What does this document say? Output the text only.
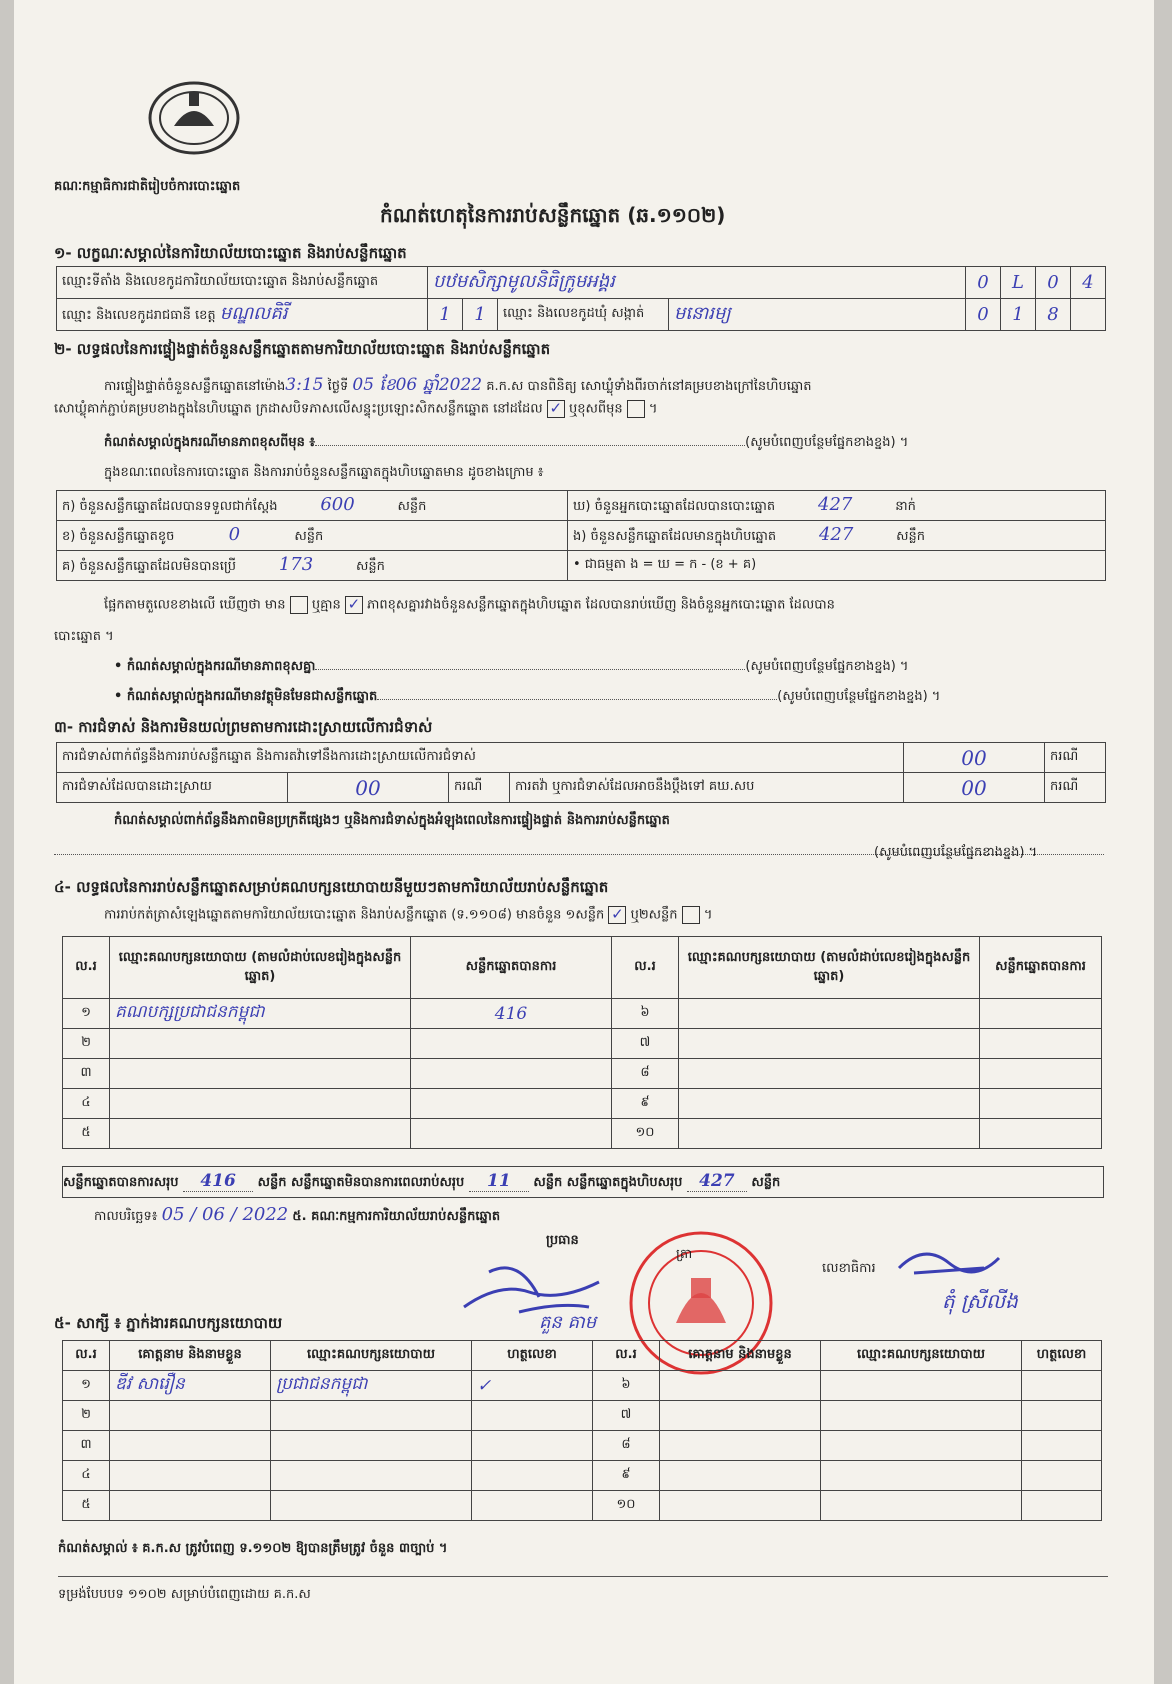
គណៈកម្មាធិការជាតិរៀបចំការបោះឆ្នោត
កំណត់ហេតុនៃការរាប់សន្លឹកឆ្នោត (ឆ.១១០២)
១- លក្ខណៈសម្គាល់នៃការិយាល័យបោះឆ្នោត និងរាប់សន្លឹកឆ្នោត
ឈ្មោះទីតាំង និងលេខកូដការិយាល័យបោះឆ្នោត និងរាប់សន្លឹកឆ្នោត	បឋមសិក្សាមូលនិធិក្រូមអង្គរ				0	L	0	4
ឈ្មោះ និងលេខកូដរាជធានី ខេត្ត មណ្ឌលគិរី	1	1	ឈ្មោះ និងលេខកូដឃុំ សង្កាត់	មនោរម្យ	0	1	8	
២- លទ្ធផលនៃការផ្ទៀងផ្ទាត់ចំនួនសន្លឹកឆ្នោតតាមការិយាល័យបោះឆ្នោត និងរាប់សន្លឹកឆ្នោត
ការផ្ទៀងផ្ទាត់ចំនួនសន្លឹកឆ្នោតនៅម៉ោង3:15 ថ្ងៃទី 05 ខែ06 ឆ្នាំ2022 គ.ក.ស បានពិនិត្យ សោឃ្លុំទាំងពីរចាក់នៅគម្របខាងក្រៅនៃហិបឆ្នោត
សោឃ្លុំគាក់ភ្ជាប់គម្របខាងក្នុងនៃហិបឆ្នោត ក្រដាសបិទភាសលើសន្ទុះប្រឡោះសិកសន្លឹកឆ្នោត នៅដដែល ✓ ឬខុសពីមុន  ។
កំណត់សម្គាល់ក្នុងករណីមានភាពខុសពីមុន ៖	(សូមបំពេញបន្ថែមផ្នែកខាងខ្នង) ។
ក្នុងខណៈពេលនៃការបោះឆ្នោត និងការរាប់ចំនួនសន្លឹកឆ្នោតក្នុងហិបឆ្នោតមាន ដូចខាងក្រោម ៖
ក) ចំនួនសន្លឹកឆ្នោតដែលបានទទួលជាក់ស្តែង 600 សន្លឹក	ឃ) ចំនួនអ្នកបោះឆ្នោតដែលបានបោះឆ្នោត 427 នាក់
ខ) ចំនួនសន្លឹកឆ្នោតខូច 0 សន្លឹក	ង) ចំនួនសន្លឹកឆ្នោតដែលមានក្នុងហិបឆ្នោត 427 សន្លឹក
គ) ចំនួនសន្លឹកឆ្នោតដែលមិនបានប្រើ 173 សន្លឹក	• ជាធម្មតា ង = ឃ = ក - (ខ + គ)
ផ្អែកតាមតួលេខខាងលើ ឃើញថា មាន ឬគ្មាន ✓ ភាពខុសគ្នារវាងចំនួនសន្លឹកឆ្នោតក្នុងហិបឆ្នោត ដែលបានរាប់ឃើញ និងចំនួនអ្នកបោះឆ្នោត ដែលបាន
បោះឆ្នោត ។
• កំណត់សម្គាល់ក្នុងករណីមានភាពខុសគ្នា	(សូមបំពេញបន្ថែមផ្នែកខាងខ្នង) ។
• កំណត់សម្គាល់ក្នុងករណីមានវត្ថុមិនមែនជាសន្លឹកឆ្នោត	(សូមបំពេញបន្ថែមផ្នែកខាងខ្នង) ។
៣- ការជំទាស់ និងការមិនយល់ព្រមតាមការដោះស្រាយលើការជំទាស់
ការជំទាស់ពាក់ព័ន្ធនឹងការរាប់សន្លឹកឆ្នោត និងការតវ៉ាទៅនឹងការដោះស្រាយលើការជំទាស់				00	ករណី
ការជំទាស់ដែលបានដោះស្រាយ	00	ករណី	ការតវ៉ា ឬការជំទាស់ដែលអាចនឹងប្តឹងទៅ គឃ.សប	00	ករណី
កំណត់សម្គាល់ពាក់ព័ន្ធនឹងភាពមិនប្រក្រតីផ្សេងៗ ឬនិងការជំទាស់ក្នុងអំឡុងពេលនៃការផ្ទៀងផ្ទាត់ និងការរាប់សន្លឹកឆ្នោត
(សូមបំពេញបន្ថែមផ្នែកខាងខ្នង) ។
៤- លទ្ធផលនៃការរាប់សន្លឹកឆ្នោតសម្រាប់គណបក្សនយោបាយនីមួយៗតាមការិយាល័យរាប់សន្លឹកឆ្នោត
ការរាប់កត់ត្រាសំឡេងឆ្នោតតាមការិយាល័យបោះឆ្នោត និងរាប់សន្លឹកឆ្នោត (ទ.១១០៨) មានចំនួន ១សន្លឹក ✓ ឬ២សន្លឹក  ។
ល.រ	ឈ្មោះគណបក្សនយោបាយ (តាមលំដាប់លេខរៀងក្នុងសន្លឹកឆ្នោត)	សន្លឹកឆ្នោតបានការ	ល.រ	ឈ្មោះគណបក្សនយោបាយ (តាមលំដាប់លេខរៀងក្នុងសន្លឹកឆ្នោត)	សន្លឹកឆ្នោតបានការ
១	គណបក្សប្រជាជនកម្ពុជា	416	៦		
២			៧		
៣			៨		
៤			៩		
៥			១០		
សន្លឹកឆ្នោតបានការសរុប 416 សន្លឹក សន្លឹកឆ្នោតមិនបានការពេលរាប់សរុប 11 សន្លឹក សន្លឹកឆ្នោតក្នុងហិបសរុប 427 សន្លឹក
កាលបរិច្ឆេទ៖ 05 / 06 / 2022 ៥. គណៈកម្មការការិយាល័យរាប់សន្លឹកឆ្នោត
ប្រធាន
គួន គាម
ត្រា
លេខាធិការ
តុំ ស្រីលីង
៥- សាក្សី ៖ ភ្នាក់ងារគណបក្សនយោបាយ
ល.រ	គោត្តនាម និងនាមខ្លួន	ឈ្មោះគណបក្សនយោបាយ	ហត្ថលេខា	ល.រ	គោត្តនាម និងនាមខ្លួន	ឈ្មោះគណបក្សនយោបាយ	ហត្ថលេខា
១	ឌីវ សារឿន	ប្រជាជនកម្ពុជា	✓	៦			
២				៧			
៣				៨			
៤				៩			
៥				១០			
កំណត់សម្គាល់ ៖ គ.ក.ស ត្រូវបំពេញ ទ.១១០២ ឱ្យបានត្រឹមត្រូវ ចំនួន ៣ច្បាប់ ។
ទម្រង់បែបបទ ១១០២ សម្រាប់បំពេញដោយ គ.ក.ស
